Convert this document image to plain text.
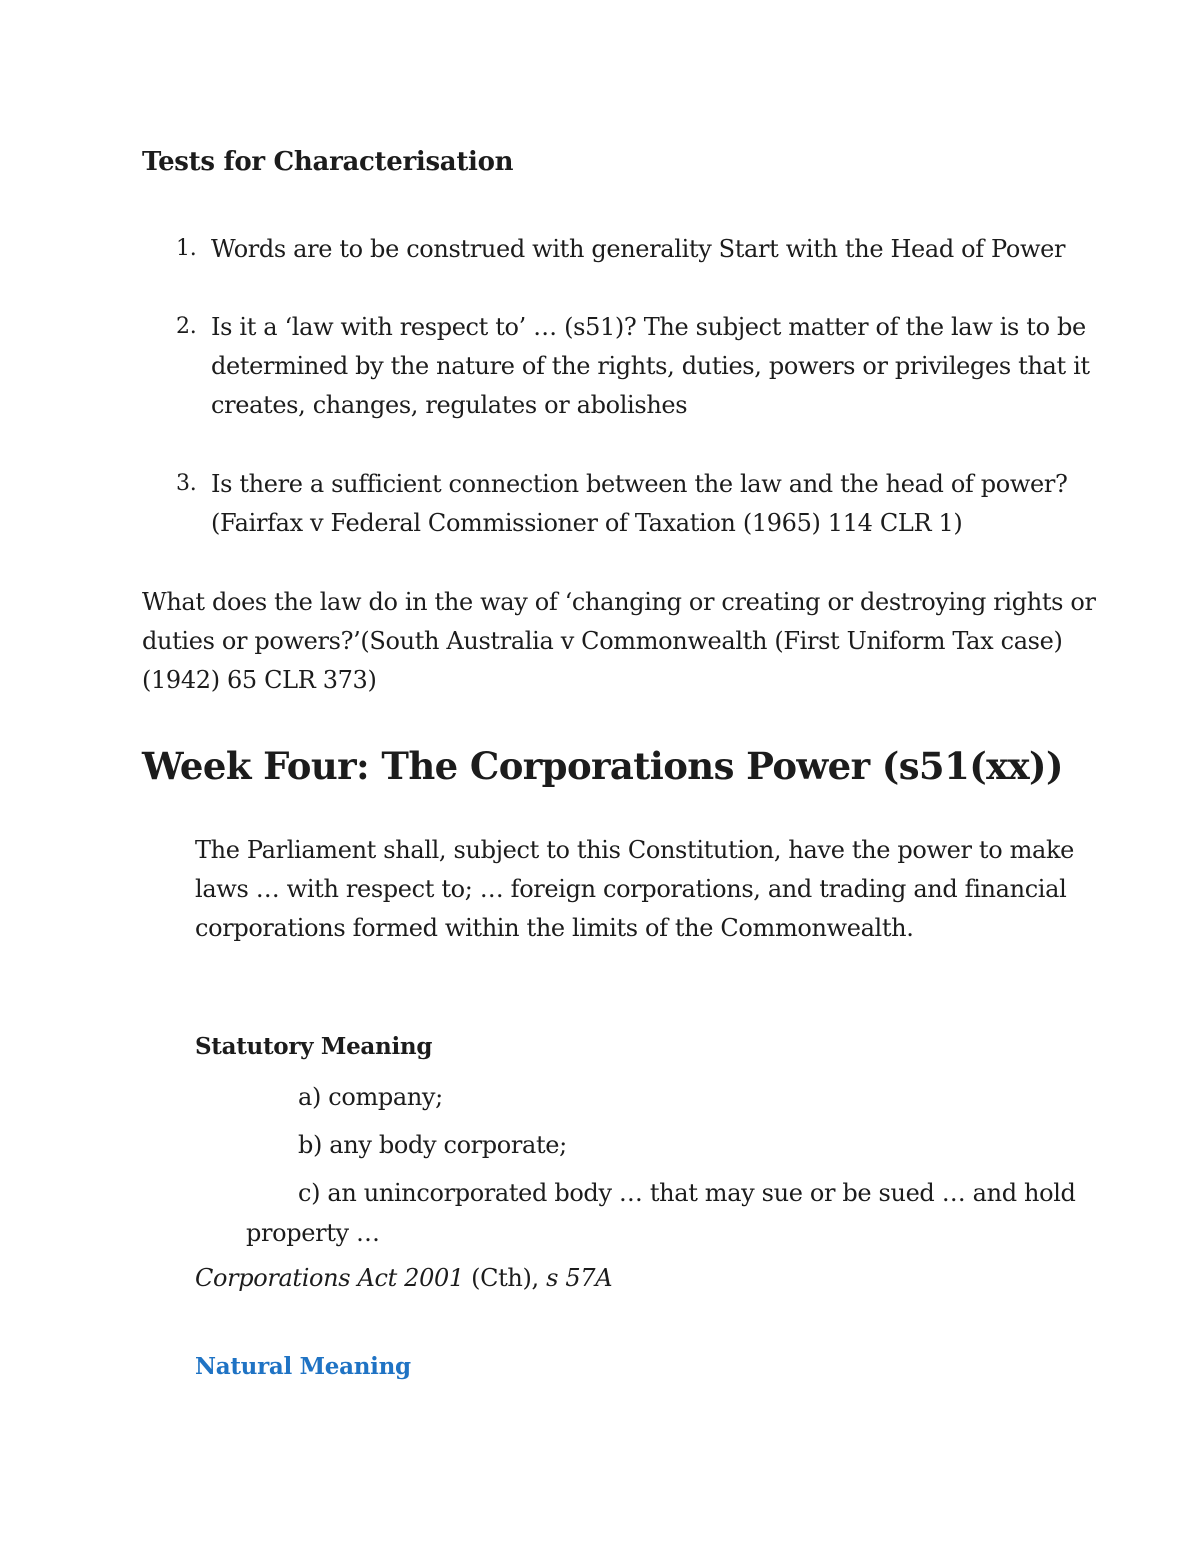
Tests for Characterisation
1. Words are to be construed with generality Start with the Head of Power
2. Is it a ‘law with respect to’ … (s51)? The subject matter of the law is to be
determined by the nature of the rights, duties, powers or privileges that it
creates, changes, regulates or abolishes
3. Is there a sufficient connection between the law and the head of power?
(Fairfax v Federal Commissioner of Taxation (1965) 114 CLR 1)
What does the law do in the way of ‘changing or creating or destroying rights or
duties or powers?’(South Australia v Commonwealth (First Uniform Tax case)
(1942) 65 CLR 373)
Week Four: The Corporations Power (s51(xx))
The Parliament shall, subject to this Constitution, have the power to make
laws … with respect to; … foreign corporations, and trading and financial
corporations formed within the limits of the Commonwealth.
Statutory Meaning
a) company;
b) any body corporate;
c) an unincorporated body … that may sue or be sued … and hold
property …
Corporations Act 2001 (Cth), s 57A
Natural Meaning
